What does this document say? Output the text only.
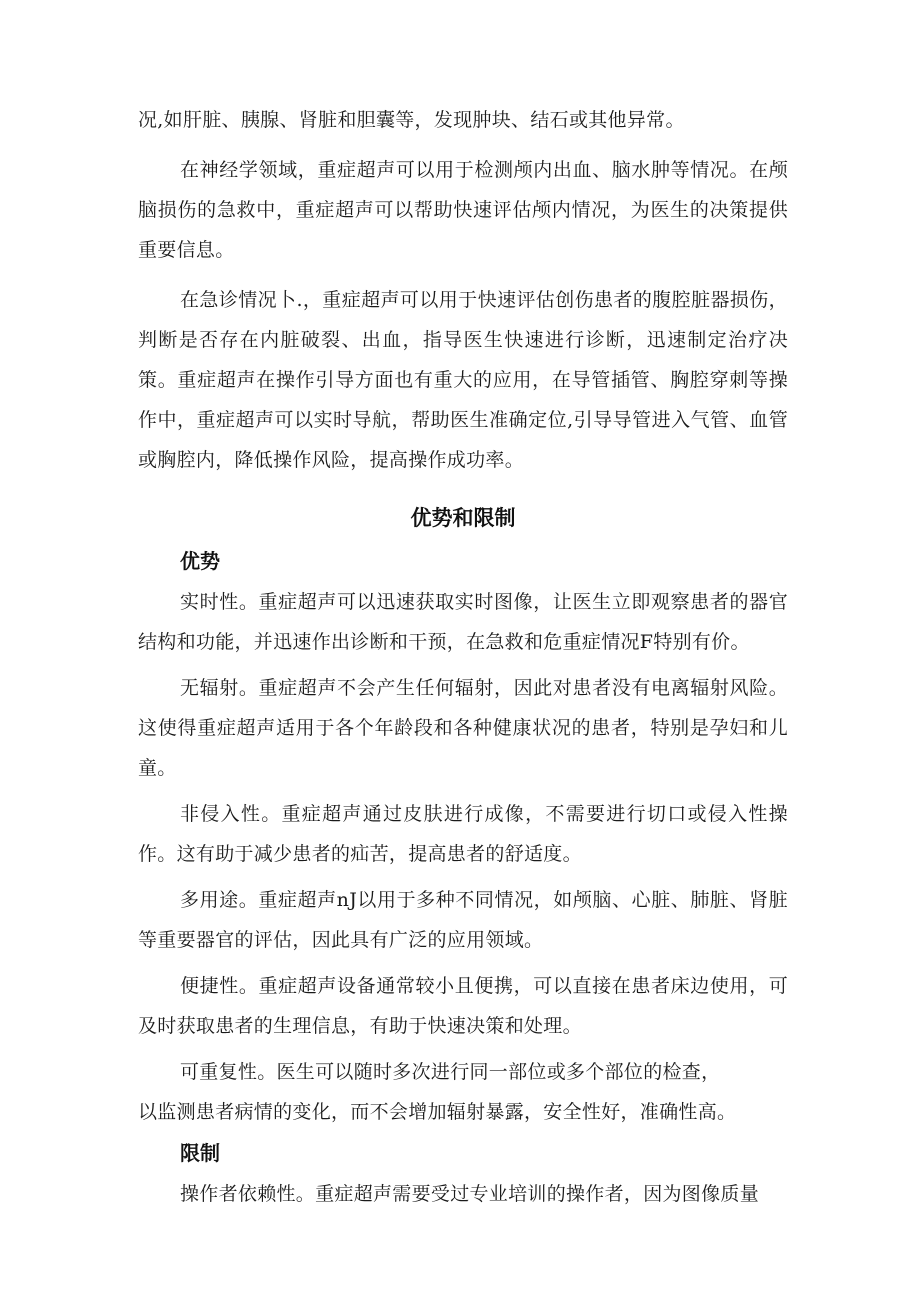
况,如肝脏、胰腺、肾脏和胆囊等，发现肿块、结石或其他异常。

在神经学领域，重症超声可以用于检测颅内出血、脑水肿等情况。在颅脑损伤的急救中，重症超声可以帮助快速评估颅内情况，为医生的决策提供重要信息。

在急诊情况卜.，重症超声可以用于快速评估创伤患者的腹腔脏器损伤，判断是否存在内脏破裂、出血，指导医生快速进行诊断，迅速制定治疗决策。重症超声在操作引导方面也有重大的应用，在导管插管、胸腔穿刺等操作中，重症超声可以实时导航，帮助医生准确定位,引导导管进入气管、血管或胸腔内，降低操作风险，提高操作成功率。

优势和限制
优势

实时性。重症超声可以迅速获取实时图像，让医生立即观察患者的器官结构和功能，并迅速作出诊断和干预，在急救和危重症情况F特别有价。

无辐射。重症超声不会产生任何辐射，因此对患者没有电离辐射风险。这使得重症超声适用于各个年龄段和各种健康状况的患者，特别是孕妇和儿童。

非侵入性。重症超声通过皮肤进行成像，不需要进行切口或侵入性操作。这有助于减少患者的疝苦，提高患者的舒适度。

多用途。重症超声nJ以用于多种不同情况，如颅脑、心脏、肺脏、肾脏等重要器官的评估，因此具有广泛的应用领域。

便捷性。重症超声设备通常较小且便携，可以直接在患者床边使用，可及时获取患者的生理信息，有助于快速决策和处理。

可重复性。医生可以随时多次进行同一部位或多个部位的检查，

以监测患者病情的变化，而不会增加辐射暴露，安全性好，准确性高。

限制

操作者依赖性。重症超声需要受过专业培训的操作者，因为图像质量
